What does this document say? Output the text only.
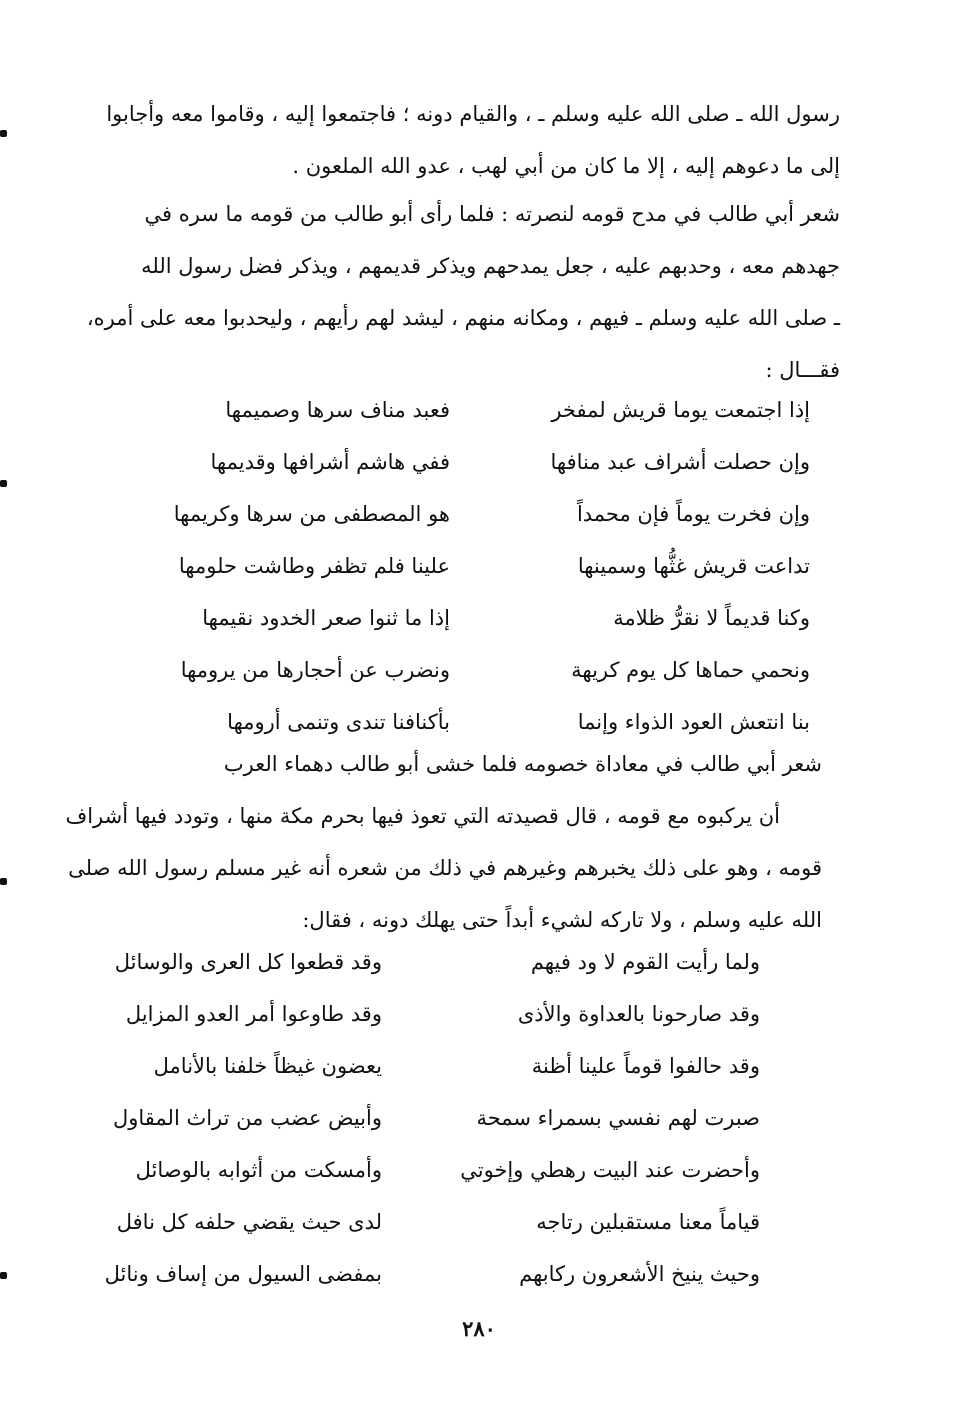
رسول الله ـ صلى الله عليه وسلم ـ ، والقيام دونه ؛ فاجتمعوا إليه ، وقاموا معه وأجابوا

إلى ما دعوهم إليه ، إلا ما كان من أبي لهب ، عدو الله الملعون .

شعر أبي طالب في مدح قومه لنصرته : فلما رأى أبو طالب من قومه ما سره في

جهدهم معه ، وحدبهم عليه ، جعل يمدحهم ويذكر قديمهم ، ويذكر فضل رسول الله

ـ صلى الله عليه وسلم ـ فيهم ، ومكانه منهم ، ليشد لهم رأيهم ، وليحدبوا معه على أمره،

فقـــال :

إذا اجتمعت يوما قريش لمفخر
فعبد مناف سرها وصميمها
وإن حصلت أشراف عبد منافها
ففي هاشم أشرافها وقديمها
وإن فخرت يوماً فإن محمداً
هو المصطفى من سرها وكريمها
تداعت قريش غثُّها وسمينها
علينا فلم تظفر وطاشت حلومها
وكنا قديماً لا نقرُّ ظلامة
إذا ما ثنوا صعر الخدود نقيمها
ونحمي حماها كل يوم كريهة
ونضرب عن أحجارها من يرومها
بنا انتعش العود الذواء وإنما
بأكنافنا تندى وتنمى أرومها

شعر أبي طالب في معاداة خصومه فلما خشى أبو طالب دهماء العرب

أن يركبوه مع قومه ، قال قصيدته التي تعوذ فيها بحرم مكة منها ، وتودد فيها أشراف

قومه ، وهو على ذلك يخبرهم وغيرهم في ذلك من شعره أنه غير مسلم رسول الله صلى

الله عليه وسلم ، ولا تاركه لشيء أبداً حتى يهلك دونه ، فقال:

ولما رأيت القوم لا ود فيهم
وقد قطعوا كل العرى والوسائل
وقد صارحونا بالعداوة والأذى
وقد طاوعوا أمر العدو المزايل
وقد حالفوا قوماً علينا أظنة
يعضون غيظاً خلفنا بالأنامل
صبرت لهم نفسي بسمراء سمحة
وأبيض عضب من تراث المقاول
وأحضرت عند البيت رهطي وإخوتي
وأمسكت من أثوابه بالوصائل
قياماً معنا مستقبلين رتاجه
لدى حيث يقضي حلفه كل نافل
وحيث ينيخ الأشعرون ركابهم
بمفضى السيول من إساف ونائل
٢٨٠
